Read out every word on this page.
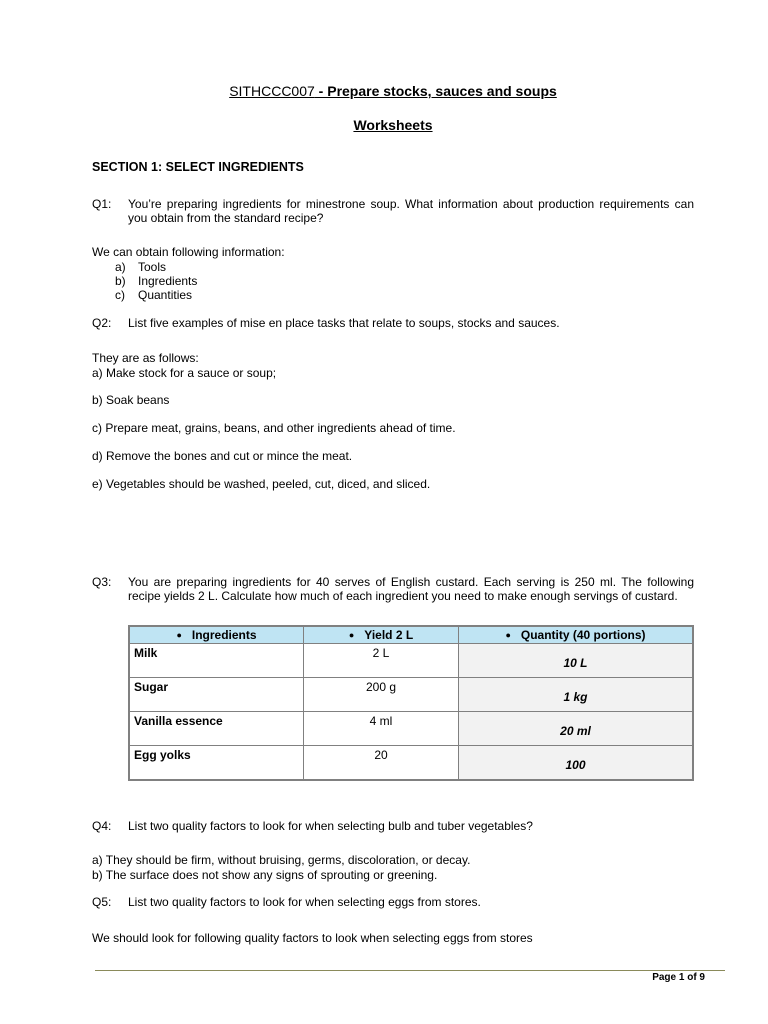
SITHCCC007 - Prepare stocks, sauces and soups
Worksheets
SECTION 1: SELECT INGREDIENTS
Q1: You’re preparing ingredients for minestrone soup. What information about production requirements can you obtain from the standard recipe?
We can obtain following information:
a) Tools
b) Ingredients
c) Quantities
Q2: List five examples of mise en place tasks that relate to soups, stocks and sauces.
They are as follows:
a) Make stock for a sauce or soup;
b) Soak beans
c) Prepare meat, grains, beans, and other ingredients ahead of time.
d) Remove the bones and cut or mince the meat.
e) Vegetables should be washed, peeled, cut, diced, and sliced.
Q3: You are preparing ingredients for 40 serves of English custard. Each serving is 250 ml. The following recipe yields 2 L. Calculate how much of each ingredient you need to make enough servings of custard.
● Ingredients	● Yield 2 L	● Quantity (40 portions)
Milk	2 L	10 L
Sugar	200 g	1 kg
Vanilla essence	4 ml	20 ml
Egg yolks	20	100
Q4: List two quality factors to look for when selecting bulb and tuber vegetables?
a) They should be firm, without bruising, germs, discoloration, or decay.
b) The surface does not show any signs of sprouting or greening.
Q5: List two quality factors to look for when selecting eggs from stores.
We should look for following quality factors to look when selecting eggs from stores
Page 1 of 9
